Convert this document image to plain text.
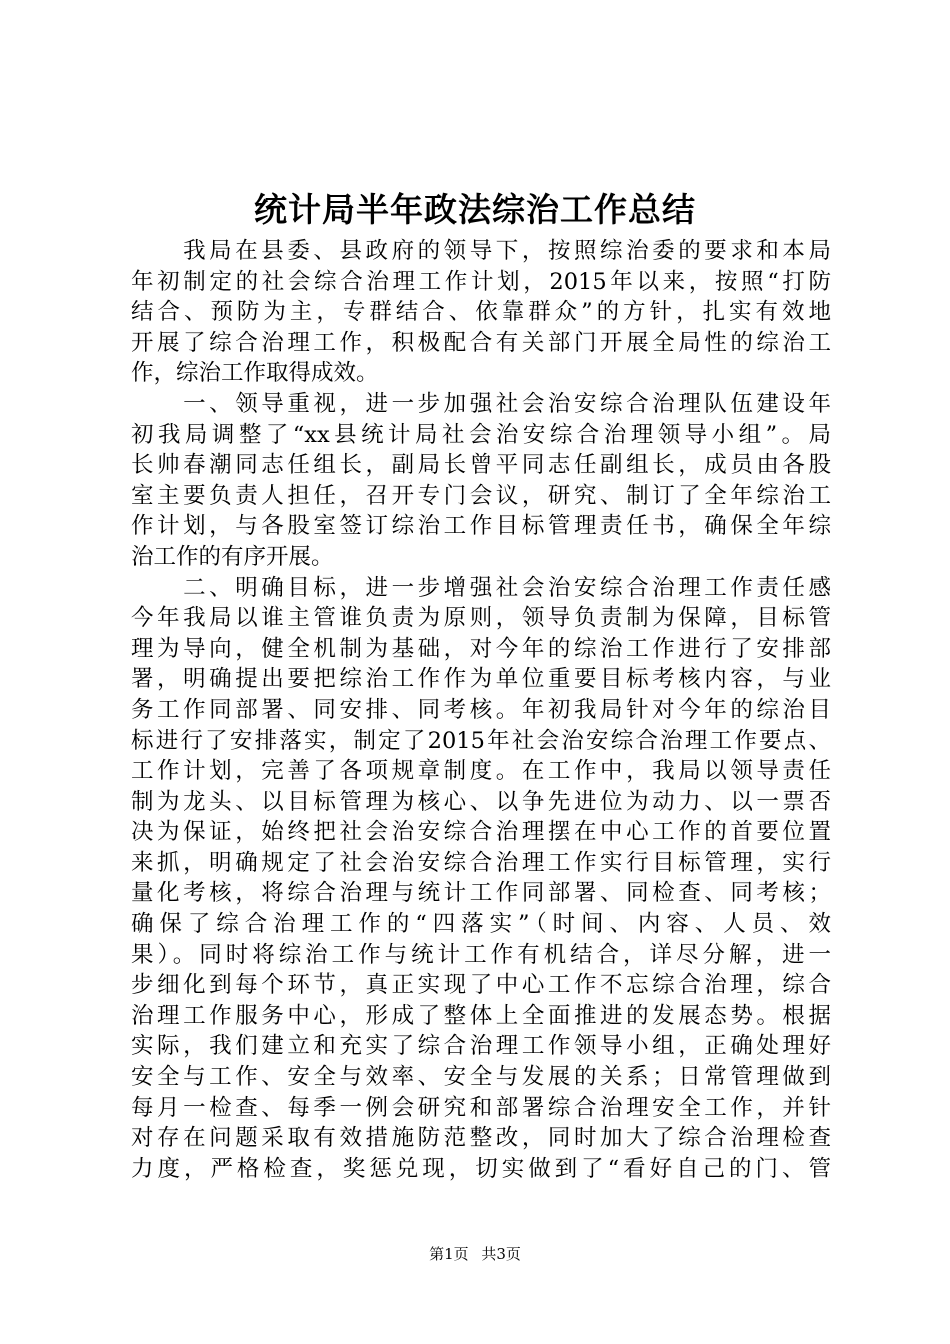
统计局半年政法综治工作总结
　　我局在县委、县政府的领导下，按照综治委的要求和本局
年初制定的社会综合治理工作计划，2015年以来，按照“打防
结合、预防为主，专群结合、依靠群众”的方针，扎实有效地
开展了综合治理工作，积极配合有关部门开展全局性的综治工
作，综治工作取得成效。
　　一、领导重视，进一步加强社会治安综合治理队伍建设年
初我局调整了“xx县统计局社会治安综合治理领导小组”。局
长帅春潮同志任组长，副局长曾平同志任副组长，成员由各股
室主要负责人担任，召开专门会议，研究、制订了全年综治工
作计划，与各股室签订综治工作目标管理责任书，确保全年综
治工作的有序开展。
　　二、明确目标，进一步增强社会治安综合治理工作责任感
今年我局以谁主管谁负责为原则，领导负责制为保障，目标管
理为导向，健全机制为基础，对今年的综治工作进行了安排部
署，明确提出要把综治工作作为单位重要目标考核内容，与业
务工作同部署、同安排、同考核。年初我局针对今年的综治目
标进行了安排落实，制定了2015年社会治安综合治理工作要点、
工作计划，完善了各项规章制度。在工作中，我局以领导责任
制为龙头、以目标管理为核心、以争先进位为动力、以一票否
决为保证，始终把社会治安综合治理摆在中心工作的首要位置
来抓，明确规定了社会治安综合治理工作实行目标管理，实行
量化考核，将综合治理与统计工作同部署、同检查、同考核；
确保了综合治理工作的“四落实”（时间、内容、人员、效
果）。同时将综治工作与统计工作有机结合，详尽分解，进一
步细化到每个环节，真正实现了中心工作不忘综合治理，综合
治理工作服务中心，形成了整体上全面推进的发展态势。根据
实际，我们建立和充实了综合治理工作领导小组，正确处理好
安全与工作、安全与效率、安全与发展的关系；日常管理做到
每月一检查、每季一例会研究和部署综合治理安全工作，并针
对存在问题采取有效措施防范整改，同时加大了综合治理检查
力度，严格检查，奖惩兑现，切实做到了“看好自己的门、管
第1页 共3页
